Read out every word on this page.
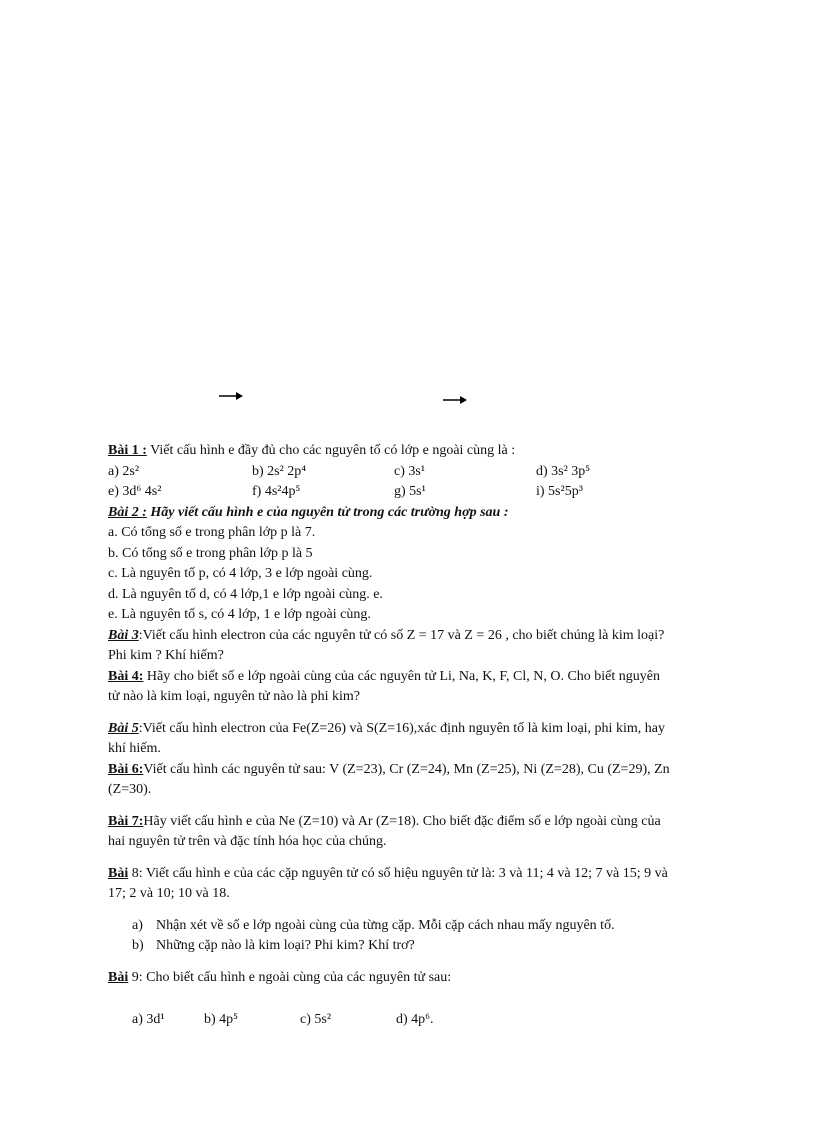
Bài 1 : Viết cấu hình e đầy đủ cho các nguyên tố có lớp e ngoài cùng là :
a) 2s²	b) 2s² 2p⁴	c) 3s¹	d) 3s² 3p⁵
e) 3d⁶ 4s²	f) 4s²4p⁵	g) 5s¹	i) 5s²5p³
Bài 2 : Hãy viết cấu hình e của nguyên tử trong các trường hợp sau :
a. Có tổng số e trong phân lớp p là 7.
b. Có tổng số e trong phân lớp p là 5
c. Là nguyên tố p, có 4 lớp, 3 e lớp ngoài cùng.
d. Là nguyên tố d, có 4 lớp,1 e lớp ngoài cùng. e.
e. Là nguyên tố s, có 4 lớp, 1 e lớp ngoài cùng.
Bài 3:Viết cấu hình electron của các nguyên tử có số Z = 17 và Z = 26 , cho biết chúng là kim loại?
Phi kim ? Khí hiếm?
Bài 4: Hãy cho biết số e lớp ngoài cùng của các nguyên tử Li, Na, K, F, Cl, N, O. Cho biết nguyên
tử nào là kim loại, nguyên tử nào là phi kim?
Bài 5:Viết cấu hình electron của Fe(Z=26) và S(Z=16),xác định nguyên tố là kim loại, phi kim, hay
khí hiếm.
Bài 6:Viết cấu hình các nguyên tử sau: V (Z=23), Cr (Z=24), Mn (Z=25), Ni (Z=28), Cu (Z=29), Zn
(Z=30).
Bài 7:Hãy viết cấu hình e của Ne (Z=10) và Ar (Z=18). Cho biết đặc điểm số e lớp ngoài cùng của
hai nguyên tử trên và đặc tính hóa học của chúng.
Bài 8: Viết cấu hình e của các cặp nguyên tử có số hiệu nguyên tử là: 3 và 11; 4 và 12; 7 và 15; 9 và
17; 2 và 10; 10 và 18.
a) Nhận xét về số e lớp ngoài cùng của từng cặp. Mỗi cặp cách nhau mấy nguyên tố.
b) Những cặp nào là kim loại? Phi kim? Khí trơ?
Bài 9: Cho biết cấu hình e ngoài cùng của các nguyên tử sau:
a) 3d¹	b) 4p⁵	c) 5s²	d) 4p⁶.
